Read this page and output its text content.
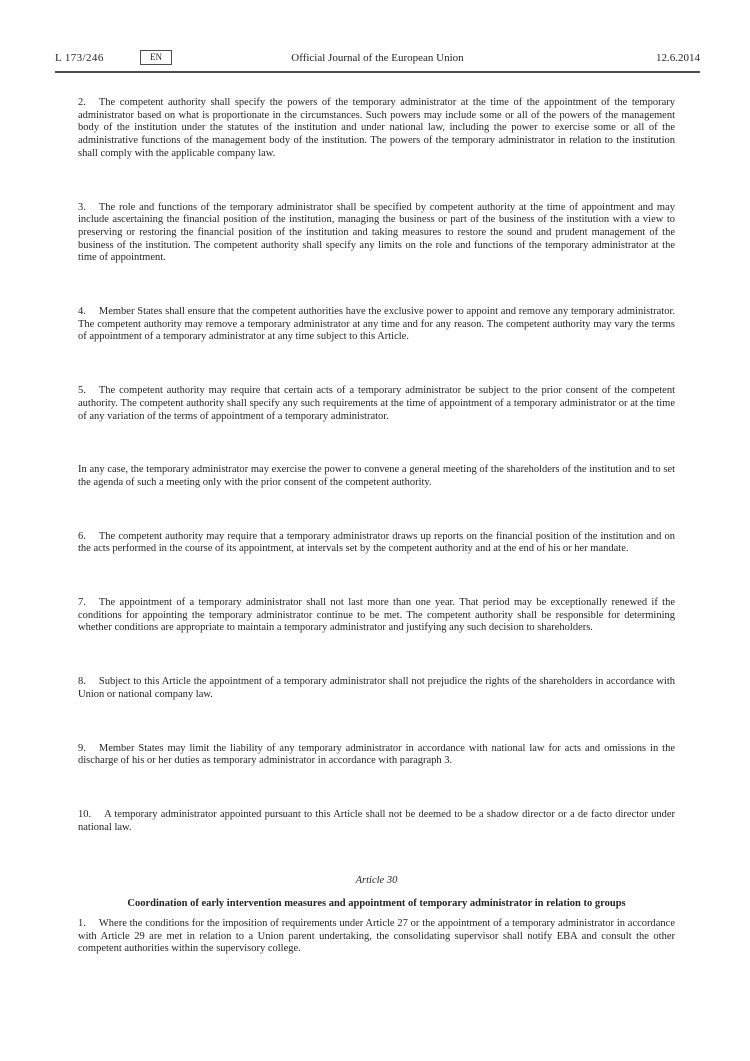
L 173/246	EN	Official Journal of the European Union	12.6.2014

2. The competent authority shall specify the powers of the temporary administrator at the time of the appointment of the temporary administrator based on what is proportionate in the circumstances. Such powers may include some or all of the powers of the management body of the institution under the statutes of the institution and under national law, including the power to exercise some or all of the administrative functions of the management body of the institution. The powers of the temporary administrator in relation to the institution shall comply with the applicable company law.

3. The role and functions of the temporary administrator shall be specified by competent authority at the time of appointment and may include ascertaining the financial position of the institution, managing the business or part of the business of the institution with a view to preserving or restoring the financial position of the institution and taking measures to restore the sound and prudent management of the business of the institution. The competent authority shall specify any limits on the role and functions of the temporary administrator at the time of appointment.

4. Member States shall ensure that the competent authorities have the exclusive power to appoint and remove any temporary administrator. The competent authority may remove a temporary administrator at any time and for any reason. The competent authority may vary the terms of appointment of a temporary administrator at any time subject to this Article.

5. The competent authority may require that certain acts of a temporary administrator be subject to the prior consent of the competent authority. The competent authority shall specify any such requirements at the time of appointment of a temporary administrator or at the time of any variation of the terms of appointment of a temporary administrator.

In any case, the temporary administrator may exercise the power to convene a general meeting of the shareholders of the institution and to set the agenda of such a meeting only with the prior consent of the competent authority.

6. The competent authority may require that a temporary administrator draws up reports on the financial position of the institution and on the acts performed in the course of its appointment, at intervals set by the competent authority and at the end of his or her mandate.

7. The appointment of a temporary administrator shall not last more than one year. That period may be exceptionally renewed if the conditions for appointing the temporary administrator continue to be met. The competent authority shall be responsible for determining whether conditions are appropriate to maintain a temporary administrator and justifying any such decision to shareholders.

8. Subject to this Article the appointment of a temporary administrator shall not prejudice the rights of the shareholders in accordance with Union or national company law.

9. Member States may limit the liability of any temporary administrator in accordance with national law for acts and omissions in the discharge of his or her duties as temporary administrator in accordance with paragraph 3.

10. A temporary administrator appointed pursuant to this Article shall not be deemed to be a shadow director or a de facto director under national law.

Article 30

Coordination of early intervention measures and appointment of temporary administrator in relation to groups

1. Where the conditions for the imposition of requirements under Article 27 or the appointment of a temporary administrator in accordance with Article 29 are met in relation to a Union parent undertaking, the consolidating supervisor shall notify EBA and consult the other competent authorities within the supervisory college.
